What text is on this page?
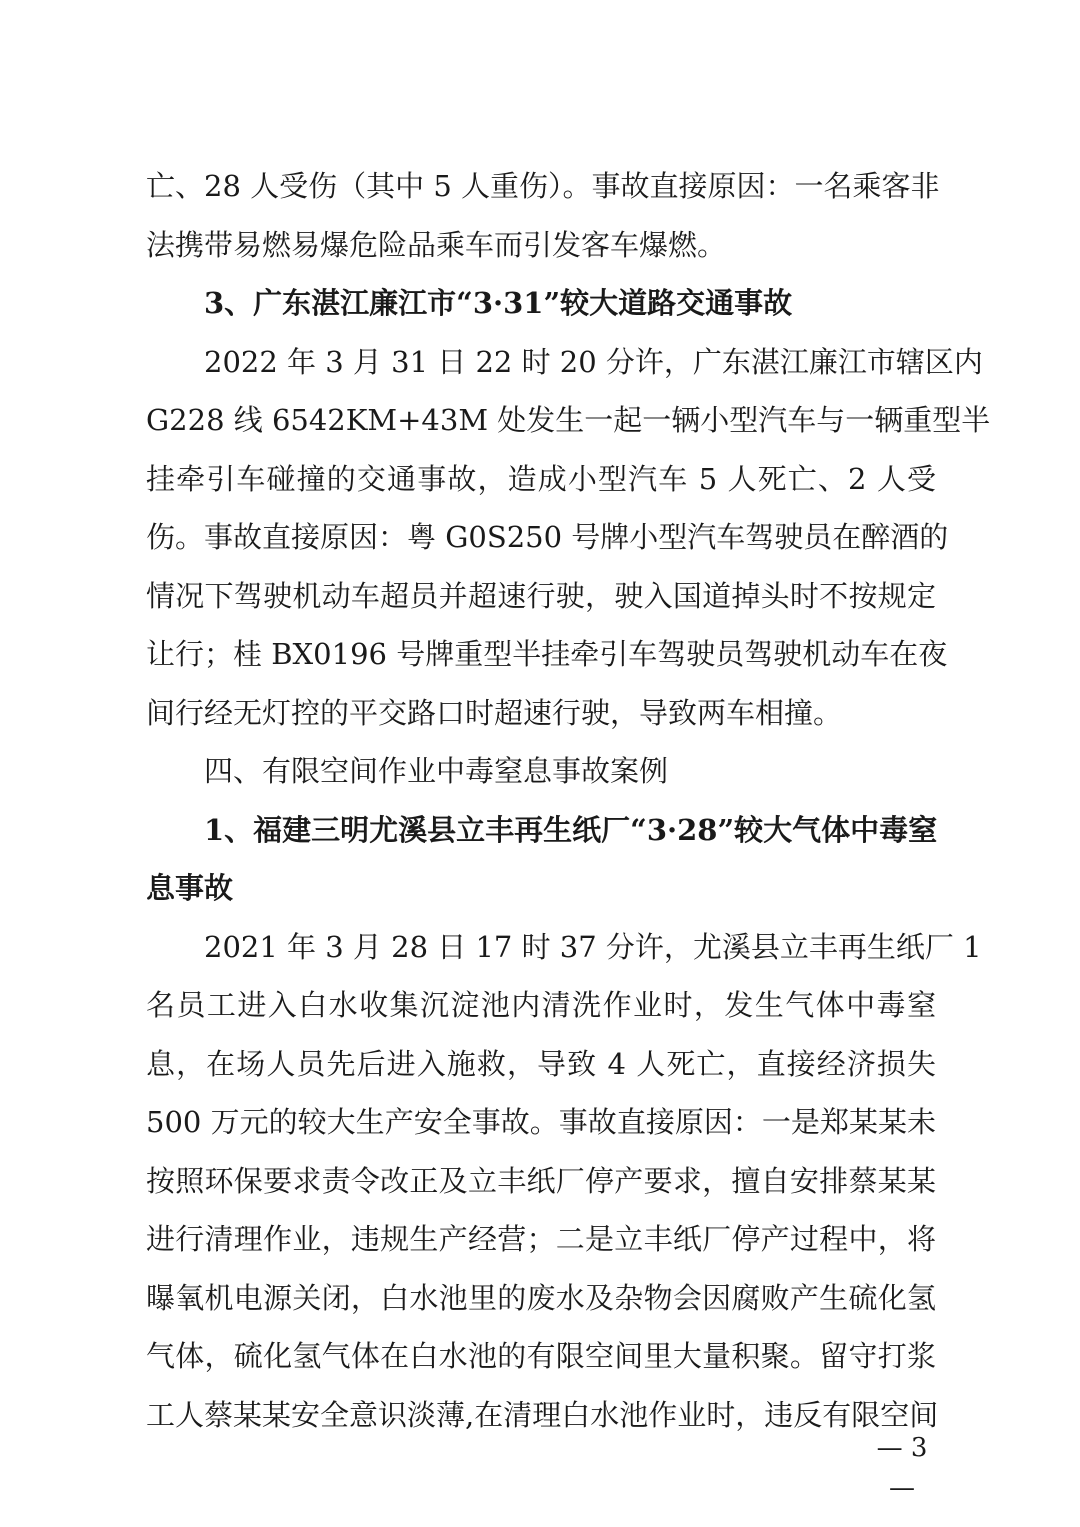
亡、28 人受伤（其中 5 人重伤）。事故直接原因：一名乘客非
法携带易燃易爆危险品乘车而引发客车爆燃。
3、广东湛江廉江市“3·31”较大道路交通事故
2022 年 3 月 31 日 22 时 20 分许，广东湛江廉江市辖区内
G228 线 6542KM+43M 处发生一起一辆小型汽车与一辆重型半
挂牵引车碰撞的交通事故，造成小型汽车 5 人死亡、2 人受
伤。事故直接原因：粤 G0S250 号牌小型汽车驾驶员在醉酒的
情况下驾驶机动车超员并超速行驶，驶入国道掉头时不按规定
让行；桂 BX0196 号牌重型半挂牵引车驾驶员驾驶机动车在夜
间行经无灯控的平交路口时超速行驶，导致两车相撞。
四、有限空间作业中毒窒息事故案例
1、福建三明尤溪县立丰再生纸厂“3·28”较大气体中毒窒
息事故
2021 年 3 月 28 日 17 时 37 分许，尤溪县立丰再生纸厂 1
名员工进入白水收集沉淀池内清洗作业时，发生气体中毒窒
息，在场人员先后进入施救，导致 4 人死亡，直接经济损失
500 万元的较大生产安全事故。事故直接原因：一是郑某某未
按照环保要求责令改正及立丰纸厂停产要求，擅自安排蔡某某
进行清理作业，违规生产经营；二是立丰纸厂停产过程中，将
曝氧机电源关闭，白水池里的废水及杂物会因腐败产生硫化氢
气体，硫化氢气体在白水池的有限空间里大量积聚。留守打浆
工人蔡某某安全意识淡薄,在清理白水池作业时，违反有限空间
— 3 —
